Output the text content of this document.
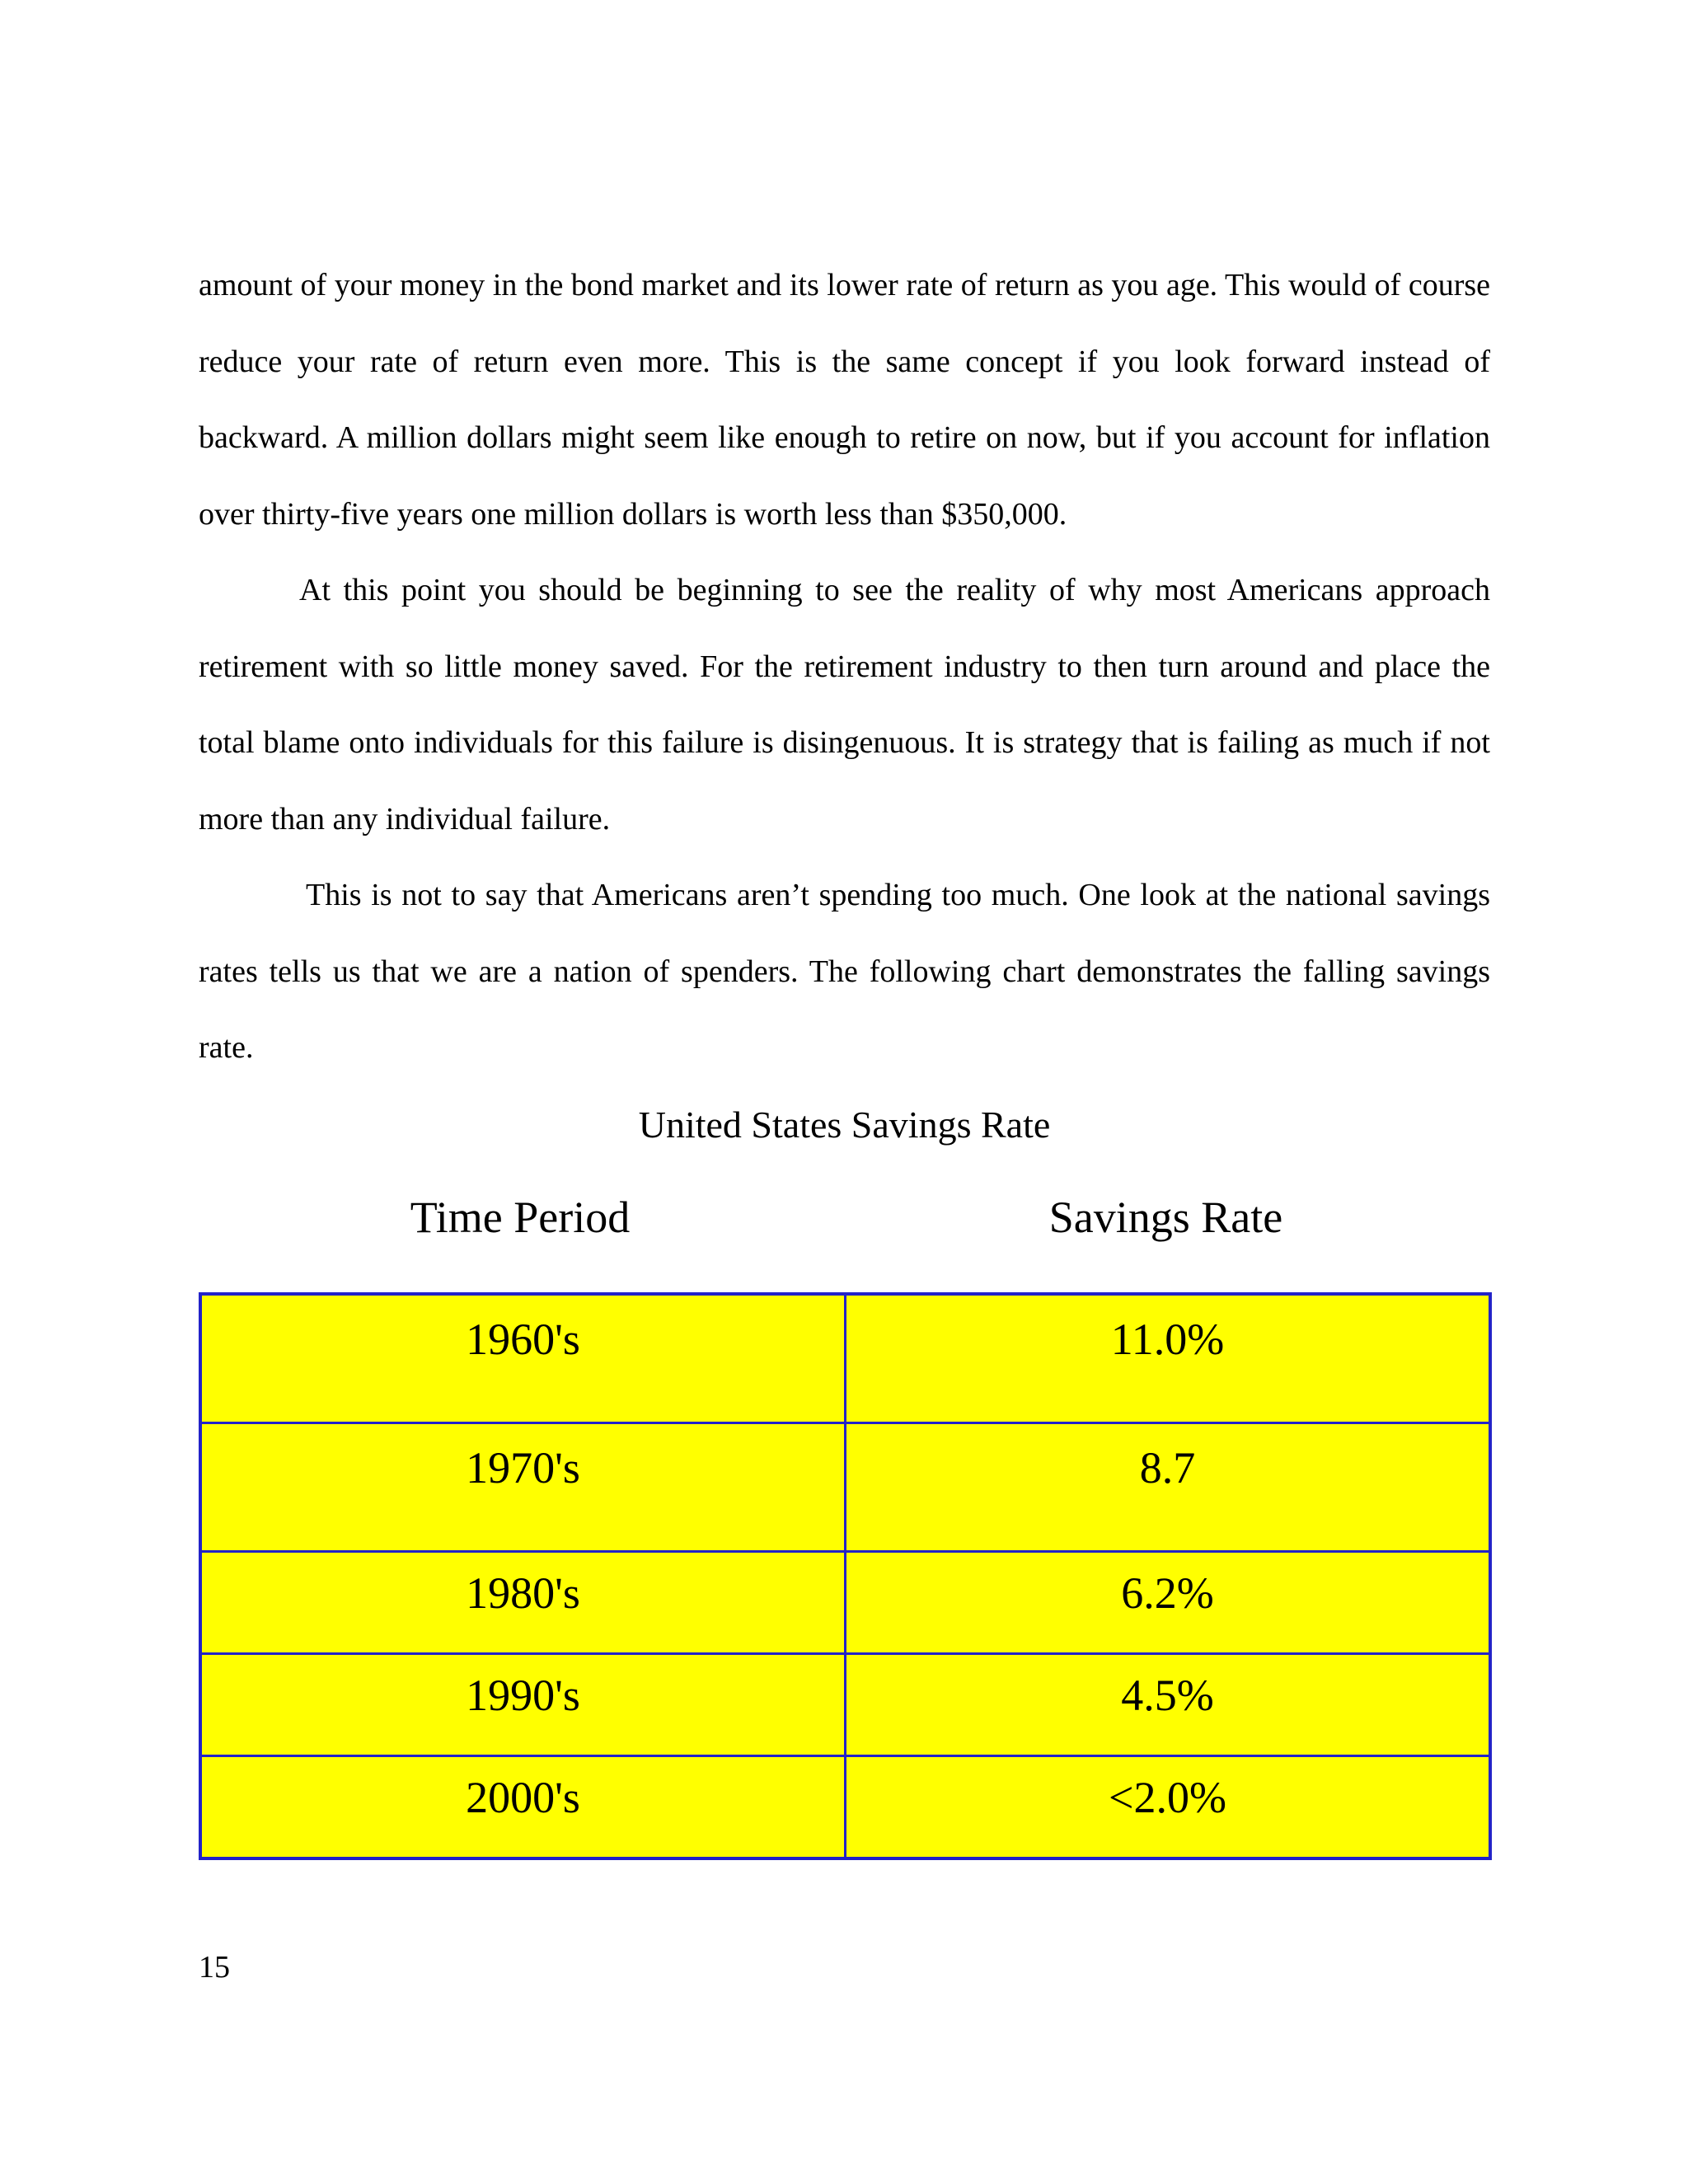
amount of your money in the bond market and its lower rate of return as you age. This would of course reduce your rate of return even more. This is the same concept if you look forward instead of backward. A million dollars might seem like enough to retire on now, but if you account for inflation over thirty-five years one million dollars is worth less than $350,000.

At this point you should be beginning to see the reality of why most Americans approach retirement with so little money saved. For the retirement industry to then turn around and place the total blame onto individuals for this failure is disingenuous. It is strategy that is failing as much if not more than any individual failure.

This is not to say that Americans aren’t spending too much. One look at the national savings rates tells us that we are a nation of spenders. The following chart demonstrates the falling savings rate.

United States Savings Rate
Time Period	Savings Rate
1960's	11.0%

1970's	8.7

1980's	6.2%

1990's	4.5%

2000's	<2.0%
15
